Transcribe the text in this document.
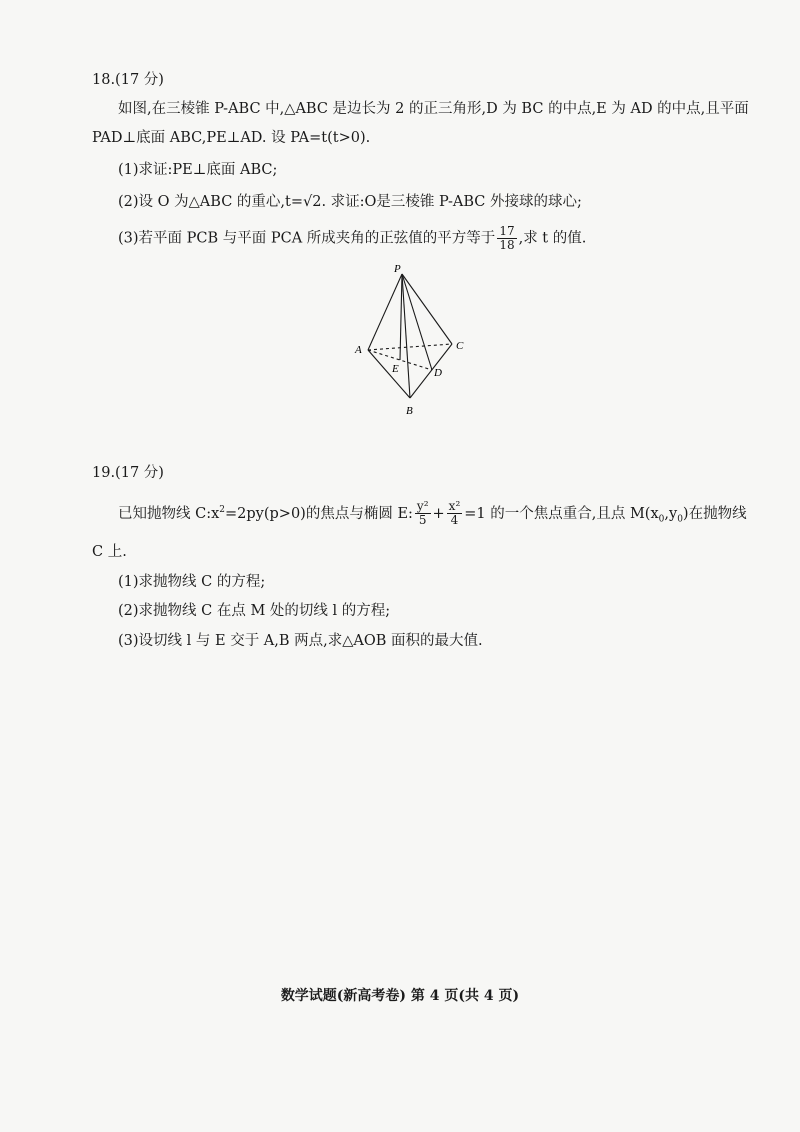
18.(17 分)
如图,在三棱锥 P-ABC 中,△ABC 是边长为 2 的正三角形,D 为 BC 的中点,E 为 AD 的中点,且平面
PAD⊥底面 ABC,PE⊥AD. 设 PA=t(t>0).
(1)求证:PE⊥底面 ABC;
(2)设 O 为△ABC 的重心,t=√2. 求证:O是三棱锥 P-ABC 外接球的球心;
(3)若平面 PCB 与平面 PCA 所成夹角的正弦值的平方等于 $\frac{17}{18}$ ,求 t 的值.
P
A	C
E	D
B
19.(17 分)
已知抛物线 $C:x^2=2py(p>0)$的焦点与椭圆 E: $\frac{\text{y²}}{5} + \frac{\text{x²}}{4} =1$ 的一个焦点重合,且点 $M(x_0,y_0)$在抛物线
C 上.
(1)求抛物线 C 的方程;
(2)求抛物线 C 在点 M 处的切线 l 的方程;
(3)设切线 l 与 E 交于 A,B 两点,求△AOB 面积的最大值.
数学试题(新高考卷) 第 4 页(共 4 页)
